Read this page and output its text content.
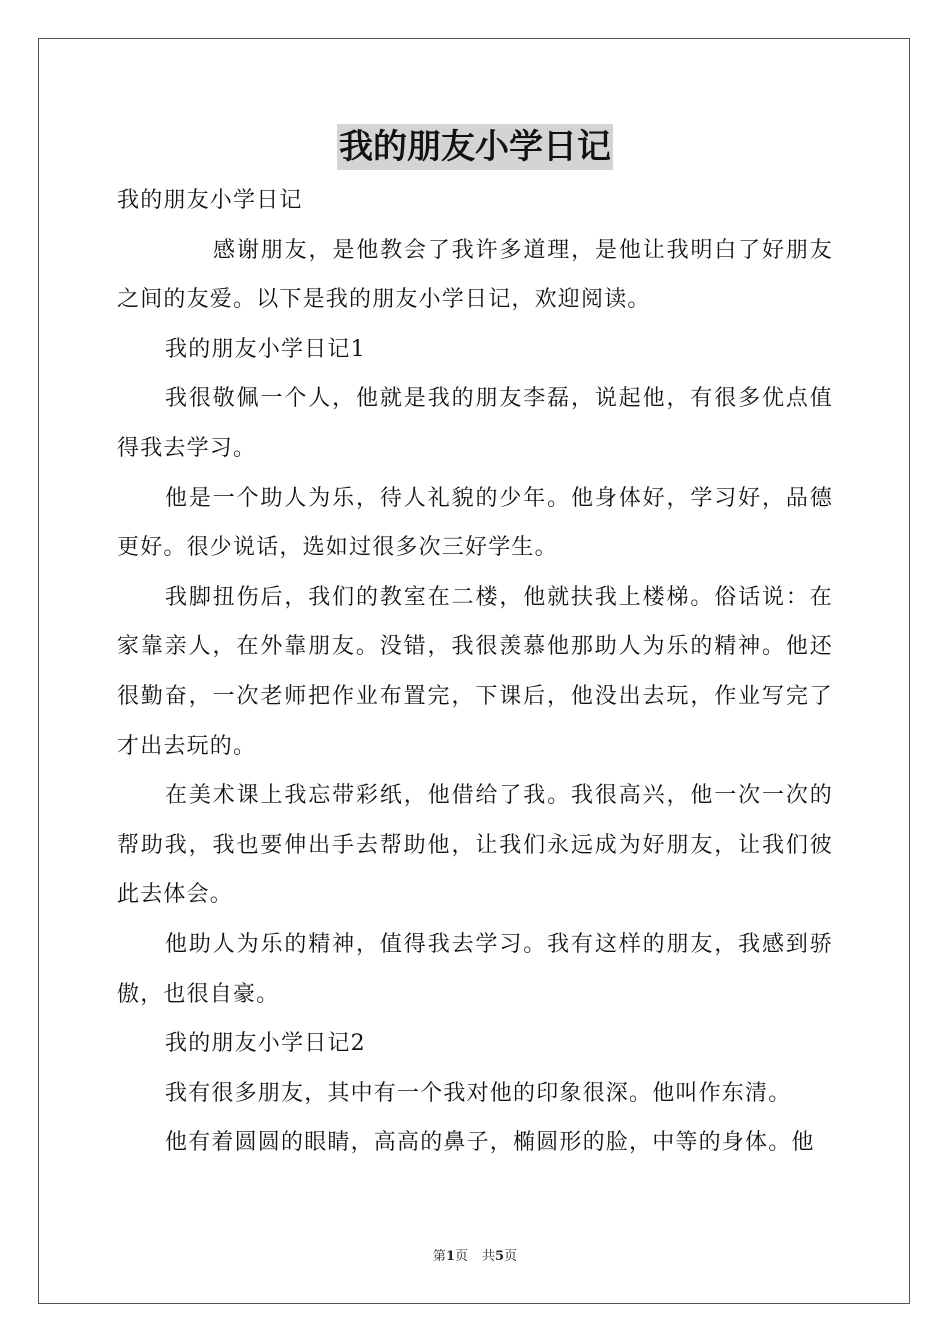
我的朋友小学日记

我的朋友小学日记

感谢朋友，是他教会了我许多道理，是他让我明白了好朋友之间的友爱。以下是我的朋友小学日记，欢迎阅读。

我的朋友小学日记1

我很敬佩一个人，他就是我的朋友李磊，说起他，有很多优点值得我去学习。

他是一个助人为乐，待人礼貌的少年。他身体好，学习好，品德更好。很少说话，选如过很多次三好学生。

我脚扭伤后，我们的教室在二楼，他就扶我上楼梯。俗话说：在家靠亲人，在外靠朋友。没错，我很羡慕他那助人为乐的精神。他还很勤奋，一次老师把作业布置完，下课后，他没出去玩，作业写完了才出去玩的。

在美术课上我忘带彩纸，他借给了我。我很高兴，他一次一次的帮助我，我也要伸出手去帮助他，让我们永远成为好朋友，让我们彼此去体会。

他助人为乐的精神，值得我去学习。我有这样的朋友，我感到骄傲，也很自豪。

我的朋友小学日记2

我有很多朋友，其中有一个我对他的印象很深。他叫作东清。

他有着圆圆的眼睛，高高的鼻子，椭圆形的脸，中等的身体。他

第1页 共5页
